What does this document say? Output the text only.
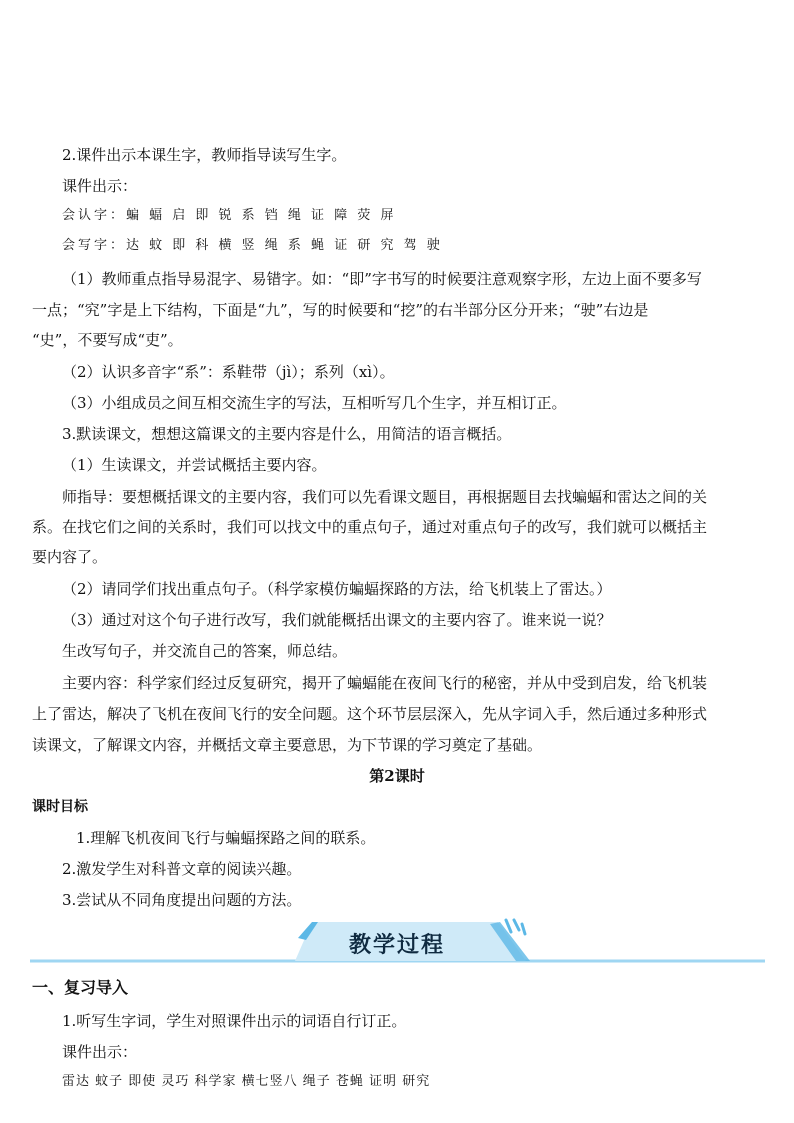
2.课件出示本课生字，教师指导读写生字。
课件出示：
会认字：蝙 蝠 启 即 锐 系 铛 绳 证 障 荧 屏
会写字：达 蚊 即 科 横 竖 绳 系 蝇 证 研 究 驾 驶
（1）教师重点指导易混字、易错字。如：“即”字书写的时候要注意观察字形，左边上面不要多写
一点；“究”字是上下结构，下面是“九”，写的时候要和“挖”的右半部分区分开来；“驶”右边是
“史”，不要写成“吏”。
（2）认识多音字“系”：系鞋带（jì）；系列（xì）。
（3）小组成员之间互相交流生字的写法，互相听写几个生字，并互相订正。
3.默读课文，想想这篇课文的主要内容是什么，用简洁的语言概括。
（1）生读课文，并尝试概括主要内容。
师指导：要想概括课文的主要内容，我们可以先看课文题目，再根据题目去找蝙蝠和雷达之间的关
系。在找它们之间的关系时，我们可以找文中的重点句子，通过对重点句子的改写，我们就可以概括主
要内容了。
（2）请同学们找出重点句子。（科学家模仿蝙蝠探路的方法，给飞机装上了雷达。）
（3）通过对这个句子进行改写，我们就能概括出课文的主要内容了。谁来说一说？
生改写句子，并交流自己的答案，师总结。
主要内容：科学家们经过反复研究，揭开了蝙蝠能在夜间飞行的秘密，并从中受到启发，给飞机装
上了雷达，解决了飞机在夜间飞行的安全问题。这个环节层层深入，先从字词入手，然后通过多种形式
读课文，了解课文内容，并概括文章主要意思，为下节课的学习奠定了基础。
第2课时
课时目标
1.理解飞机夜间飞行与蝙蝠探路之间的联系。
2.激发学生对科普文章的阅读兴趣。
3.尝试从不同角度提出问题的方法。
教学过程
一、复习导入
1.听写生字词，学生对照课件出示的词语自行订正。
课件出示：
雷达 蚊子 即使 灵巧 科学家 横七竖八 绳子 苍蝇 证明 研究
